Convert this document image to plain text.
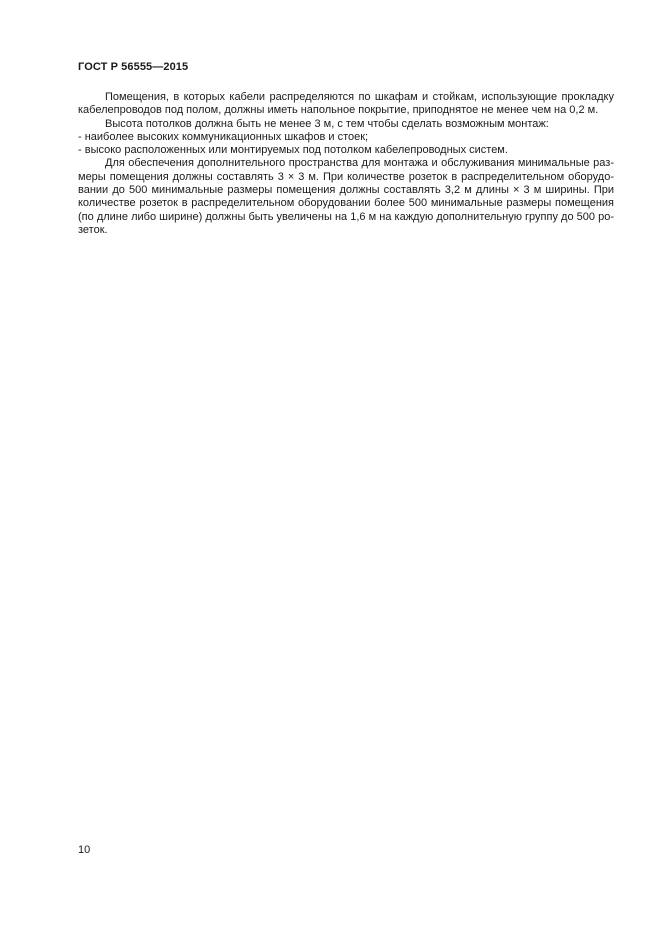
ГОСТ Р 56555—2015
Помещения, в которых кабели распределяются по шкафам и стойкам, использующие прокладку
кабелепроводов под полом, должны иметь напольное покрытие, приподнятое не менее чем на 0,2 м.
Высота потолков должна быть не менее 3 м, с тем чтобы сделать возможным монтаж:
- наиболее высоких коммуникационных шкафов и стоек;
- высоко расположенных или монтируемых под потолком кабелепроводных систем.
Для обеспечения дополнительного пространства для монтажа и обслуживания минимальные раз-
меры помещения должны составлять 3 × 3 м. При количестве розеток в распределительном оборудо-
вании до 500 минимальные размеры помещения должны составлять 3,2 м длины × 3 м ширины. При
количестве розеток в распределительном оборудовании более 500 минимальные размеры помещения
(по длине либо ширине) должны быть увеличены на 1,6 м на каждую дополнительную группу до 500 ро-
зеток.
10
